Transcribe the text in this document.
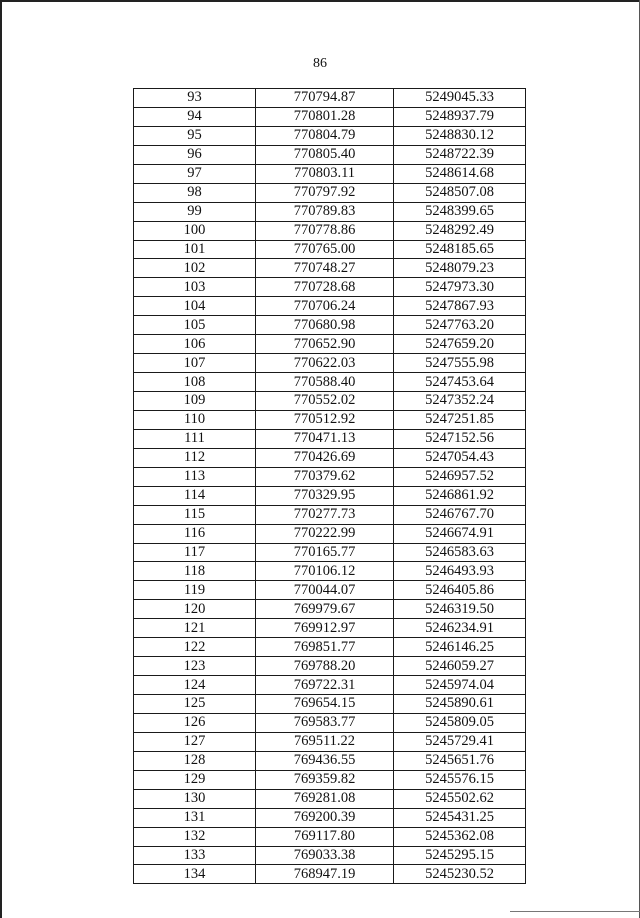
86
93	770794.87	5249045.33
94	770801.28	5248937.79
95	770804.79	5248830.12
96	770805.40	5248722.39
97	770803.11	5248614.68
98	770797.92	5248507.08
99	770789.83	5248399.65
100	770778.86	5248292.49
101	770765.00	5248185.65
102	770748.27	5248079.23
103	770728.68	5247973.30
104	770706.24	5247867.93
105	770680.98	5247763.20
106	770652.90	5247659.20
107	770622.03	5247555.98
108	770588.40	5247453.64
109	770552.02	5247352.24
110	770512.92	5247251.85
111	770471.13	5247152.56
112	770426.69	5247054.43
113	770379.62	5246957.52
114	770329.95	5246861.92
115	770277.73	5246767.70
116	770222.99	5246674.91
117	770165.77	5246583.63
118	770106.12	5246493.93
119	770044.07	5246405.86
120	769979.67	5246319.50
121	769912.97	5246234.91
122	769851.77	5246146.25
123	769788.20	5246059.27
124	769722.31	5245974.04
125	769654.15	5245890.61
126	769583.77	5245809.05
127	769511.22	5245729.41
128	769436.55	5245651.76
129	769359.82	5245576.15
130	769281.08	5245502.62
131	769200.39	5245431.25
132	769117.80	5245362.08
133	769033.38	5245295.15
134	768947.19	5245230.52
